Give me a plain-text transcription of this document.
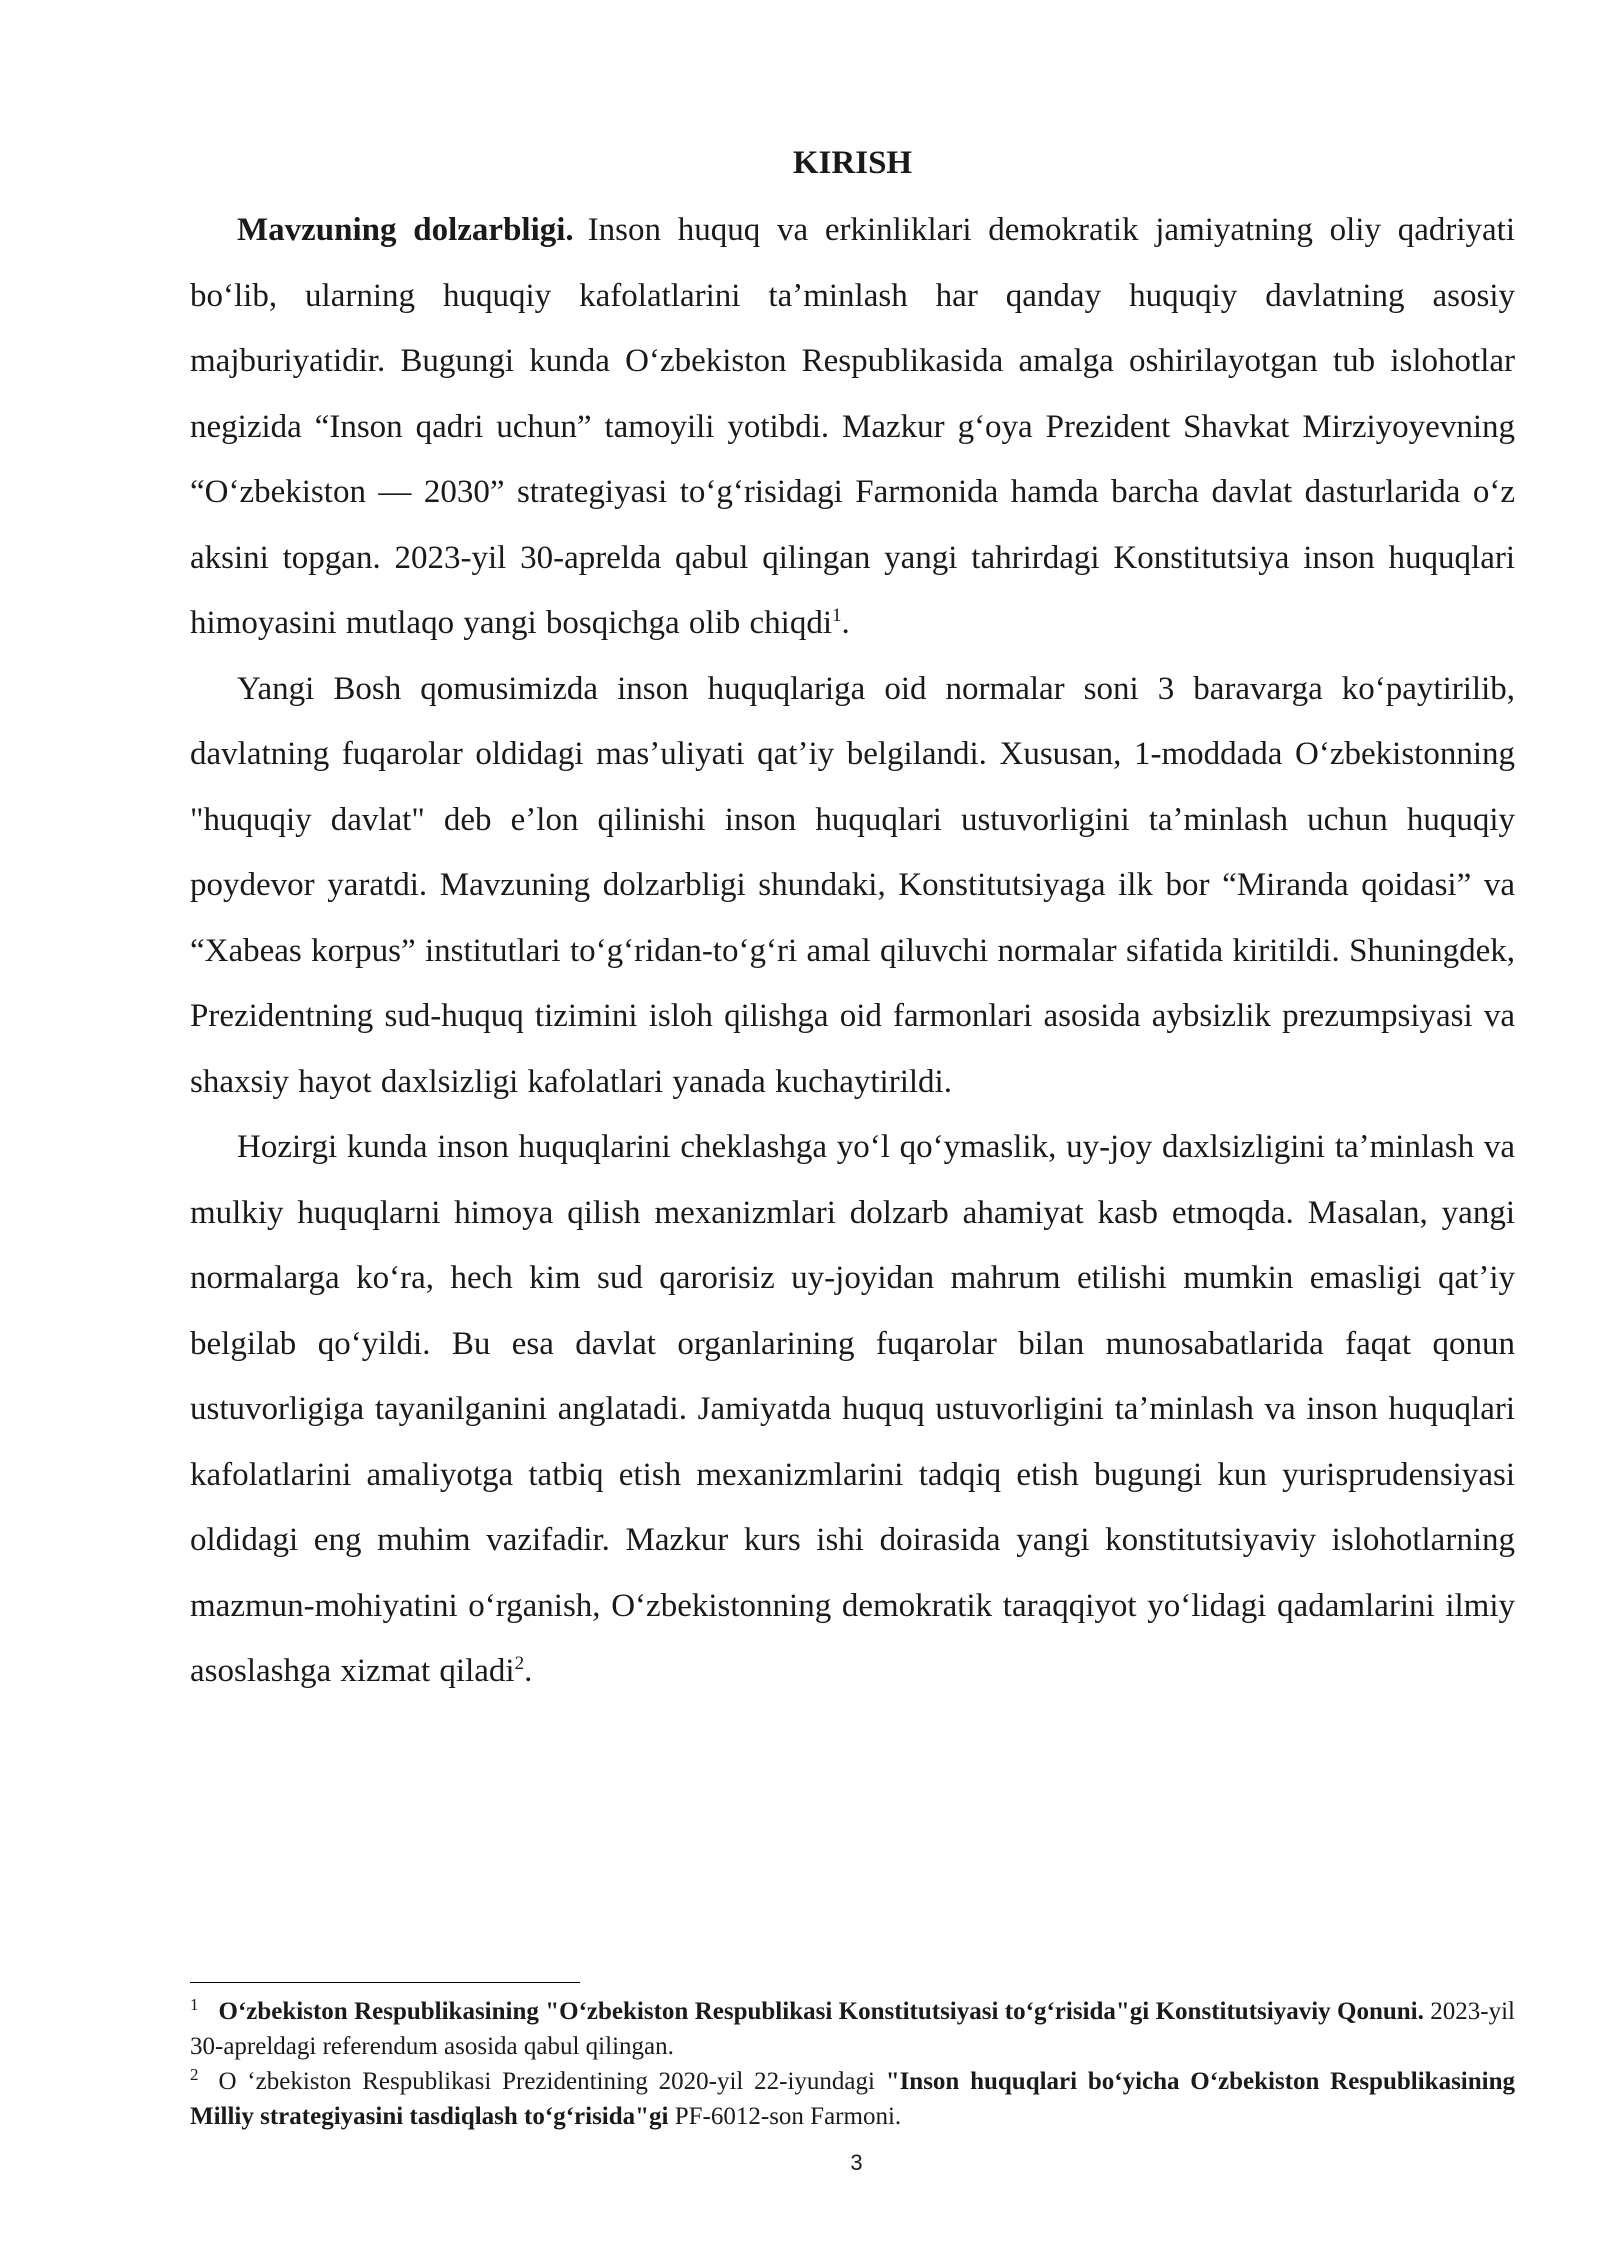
KIRISH

Mavzuning dolzarbligi. Inson huquq va erkinliklari demokratik jamiyatning oliy qadriyati boʻlib, ularning huquqiy kafolatlarini taʼminlash har qanday huquqiy davlatning asosiy majburiyatidir. Bugungi kunda Oʻzbekiston Respublikasida amalga oshirilayotgan tub islohotlar negizida “Inson qadri uchun” tamoyili yotibdi. Mazkur gʻoya Prezident Shavkat Mirziyoyevning “Oʻzbekiston — 2030” strategiyasi toʻgʻrisidagi Farmonida hamda barcha davlat dasturlarida oʻz aksini topgan. 2023-yil 30-aprelda qabul qilingan yangi tahrirdagi Konstitutsiya inson huquqlari himoyasini mutlaqo yangi bosqichga olib chiqdi$^1$.

Yangi Bosh qomusimizda inson huquqlariga oid normalar soni 3 baravarga koʻpaytirilib, davlatning fuqarolar oldidagi masʼuliyati qatʼiy belgilandi. Xususan, 1-moddada Oʻzbekistonning "huquqiy davlat" deb eʼlon qilinishi inson huquqlari ustuvorligini taʼminlash uchun huquqiy poydevor yaratdi. Mavzuning dolzarbligi shundaki, Konstitutsiyaga ilk bor “Miranda qoidasi” va “Xabeas korpus” institutlari toʻgʻridan-toʻgʻri amal qiluvchi normalar sifatida kiritildi. Shuningdek, Prezidentning sud-huquq tizimini isloh qilishga oid farmonlari asosida aybsizlik prezumpsiyasi va shaxsiy hayot daxlsizligi kafolatlari yanada kuchaytirildi.

Hozirgi kunda inson huquqlarini cheklashga yoʻl qoʻymaslik, uy-joy daxlsizligini taʼminlash va mulkiy huquqlarni himoya qilish mexanizmlari dolzarb ahamiyat kasb etmoqda. Masalan, yangi normalarga koʻra, hech kim sud qarorisiz uy-joyidan mahrum etilishi mumkin emasligi qatʼiy belgilab qoʻyildi. Bu esa davlat organlarining fuqarolar bilan munosabatlarida faqat qonun ustuvorligiga tayanilganini anglatadi. Jamiyatda huquq ustuvorligini taʼminlash va inson huquqlari kafolatlarini amaliyotga tatbiq etish mexanizmlarini tadqiq etish bugungi kun yurisprudensiyasi oldidagi eng muhim vazifadir. Mazkur kurs ishi doirasida yangi konstitutsiyaviy islohotlarning mazmun-mohiyatini oʻrganish, Oʻzbekistonning demokratik taraqqiyot yoʻlidagi qadamlarini ilmiy asoslashga xizmat qiladi$^2$.

$^1$ Oʻzbekiston Respublikasining "Oʻzbekiston Respublikasi Konstitutsiyasi toʻgʻrisida"gi Konstitutsiyaviy Qonuni. 2023-yil 30-apreldagi referendum asosida qabul qilingan.

$^2$ O ʻzbekiston Respublikasi Prezidentining 2020-yil 22-iyundagi "Inson huquqlari boʻyicha Oʻzbekiston Respublikasining Milliy strategiyasini tasdiqlash toʻgʻrisida"gi PF-6012-son Farmoni.

3
